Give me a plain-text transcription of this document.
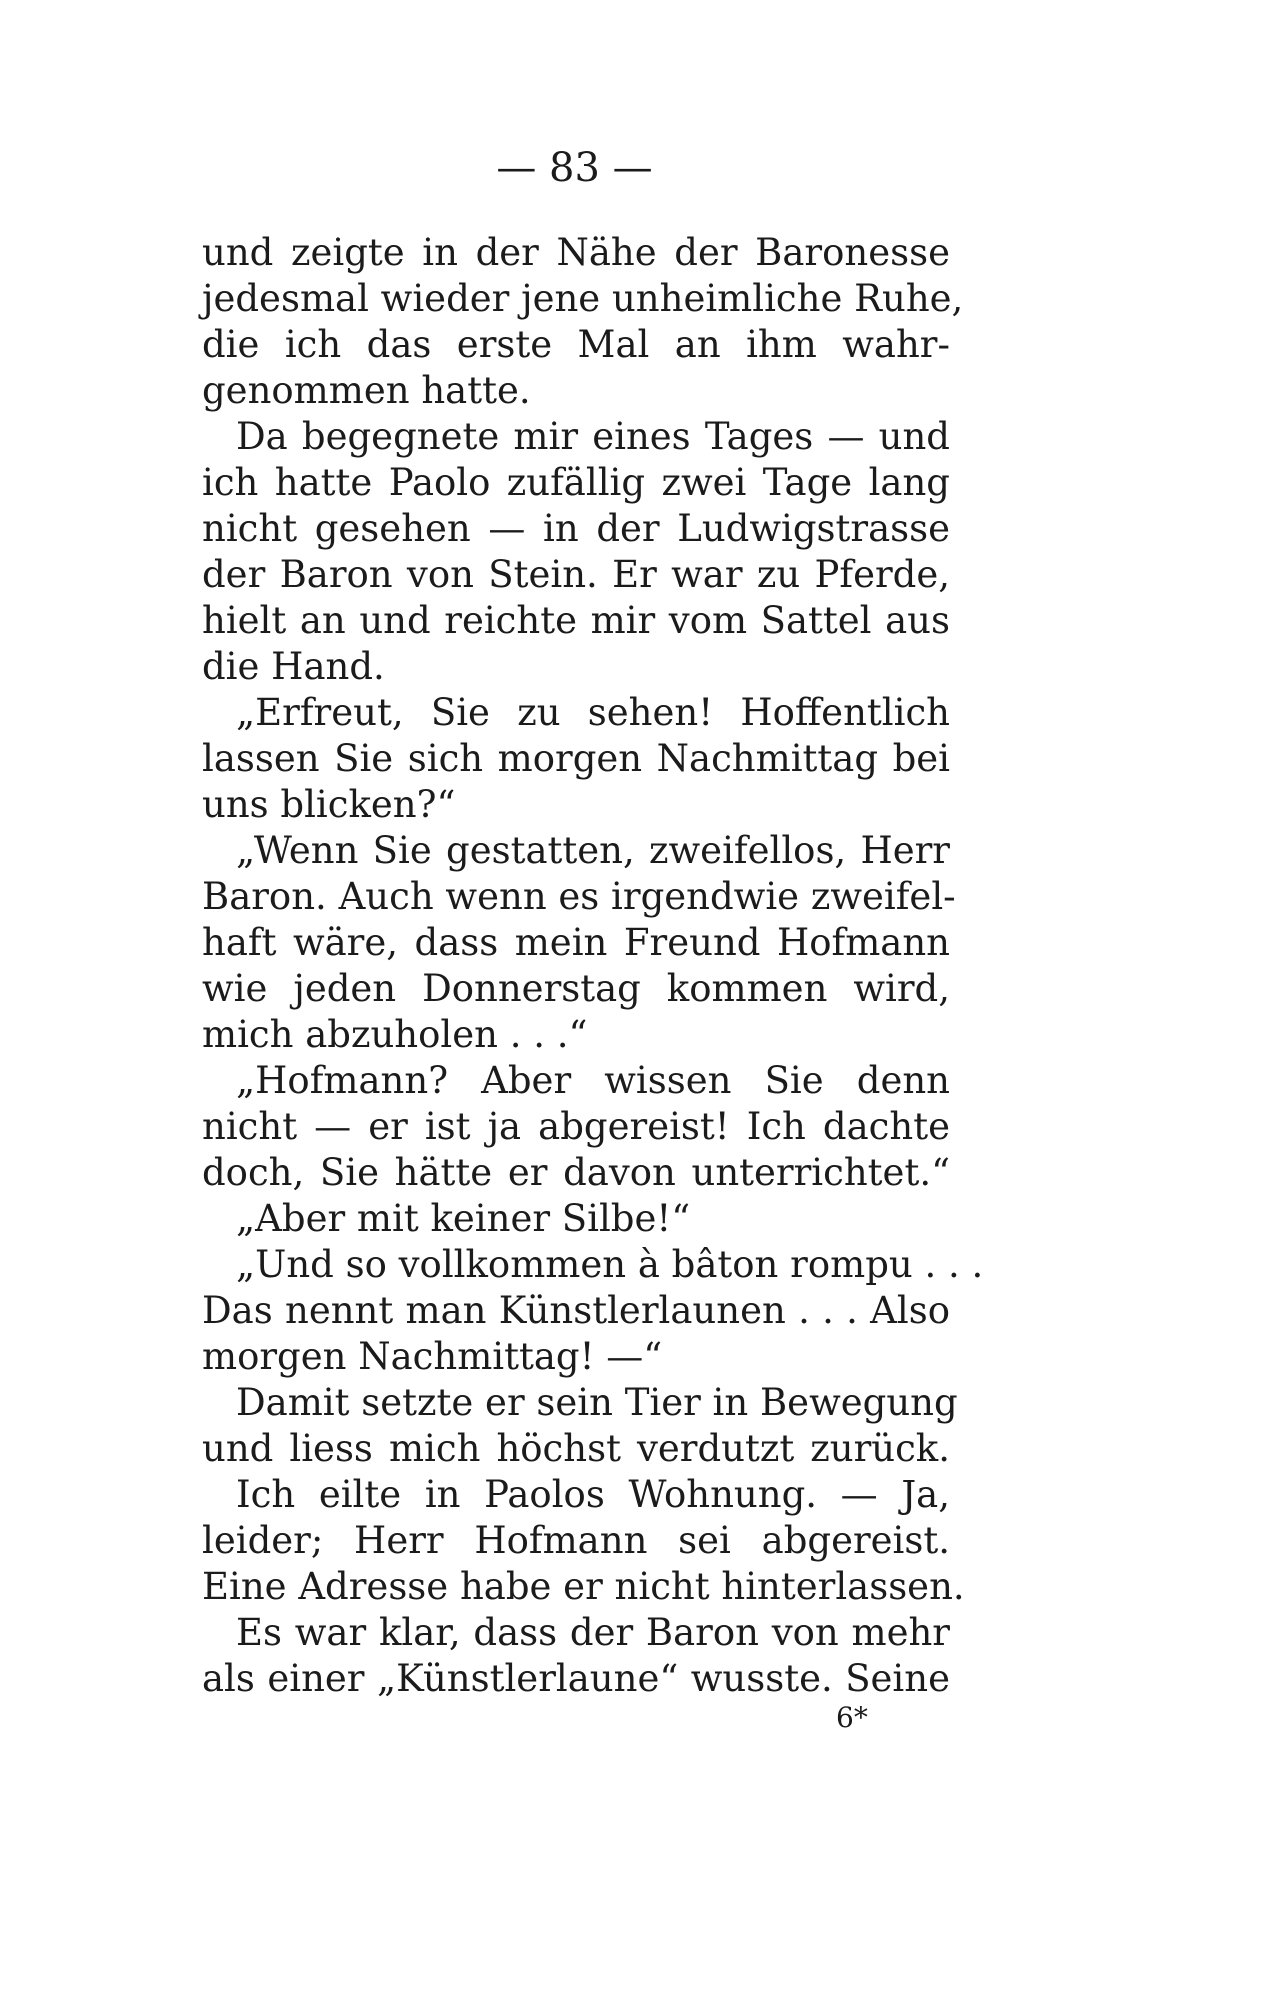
— 83 —
und zeigte in der Nähe der Baronesse
jedesmal wieder jene unheimliche Ruhe,
die ich das erste Mal an ihm wahr-
genommen hatte.
Da begegnete mir eines Tages — und
ich hatte Paolo zufällig zwei Tage lang
nicht gesehen — in der Ludwigstrasse
der Baron von Stein. Er war zu Pferde,
hielt an und reichte mir vom Sattel aus
die Hand.
„Erfreut, Sie zu sehen! Hoffentlich
lassen Sie sich morgen Nachmittag bei
uns blicken?“
„Wenn Sie gestatten, zweifellos, Herr
Baron. Auch wenn es irgendwie zweifel-
haft wäre, dass mein Freund Hofmann
wie jeden Donnerstag kommen wird,
mich abzuholen . . .“
„Hofmann? Aber wissen Sie denn
nicht — er ist ja abgereist! Ich dachte
doch, Sie hätte er davon unterrichtet.“
„Aber mit keiner Silbe!“
„Und so vollkommen à bâton rompu . . .
Das nennt man Künstlerlaunen . . . Also
morgen Nachmittag! —“
Damit setzte er sein Tier in Bewegung
und liess mich höchst verdutzt zurück.
Ich eilte in Paolos Wohnung. — Ja,
leider; Herr Hofmann sei abgereist.
Eine Adresse habe er nicht hinterlassen.
Es war klar, dass der Baron von mehr
als einer „Künstlerlaune“ wusste. Seine
6*
